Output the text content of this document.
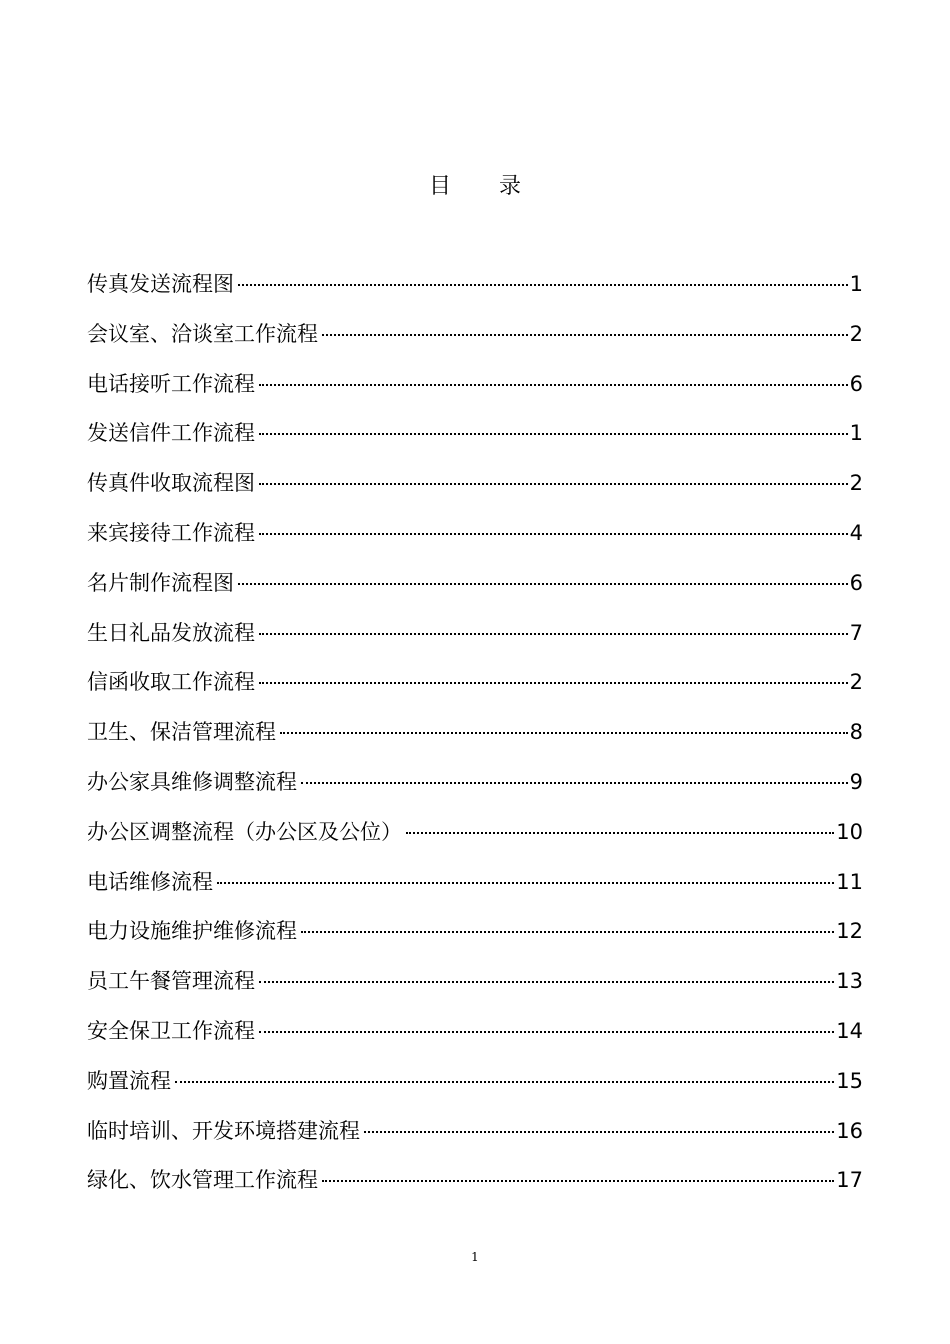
目录
传真发送流程图	1
会议室、洽谈室工作流程	2
电话接听工作流程	6
发送信件工作流程	1
传真件收取流程图	2
来宾接待工作流程	4
名片制作流程图	6
生日礼品发放流程	7
信函收取工作流程	2
卫生、保洁管理流程	8
办公家具维修调整流程	9
办公区调整流程（办公区及公位）	10
电话维修流程	11
电力设施维护维修流程	12
员工午餐管理流程	13
安全保卫工作流程	14
购置流程	15
临时培训、开发环境搭建流程	16
绿化、饮水管理工作流程	17
1
